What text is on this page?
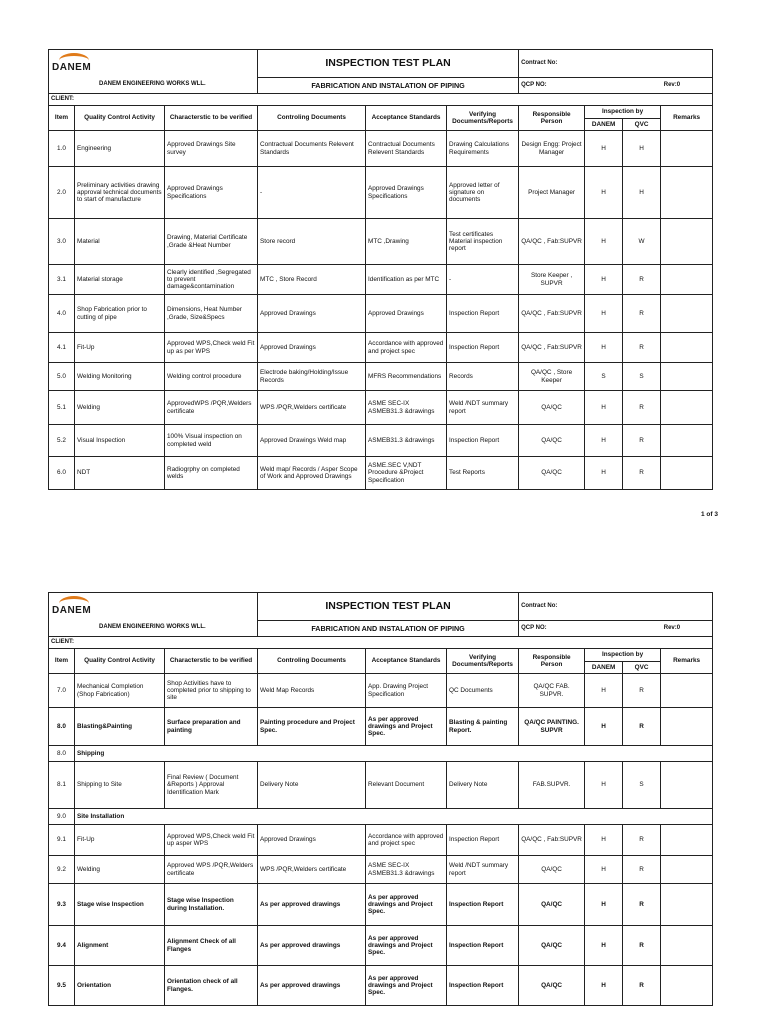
DANEM
DANEM ENGINEERING WORKS WLL.			INSPECTION TEST PLAN			Contract No:			
			FABRICATION AND INSTALATION OF PIPING			QCP NO: Rev:0			

CLIENT:									
Item	Quality Control Activity	Characterstic to be verified	Controling Documents	Acceptance Standards	Verifying Documents/Reports	Responsible Person	Inspection by		Remarks
							DANEM	QVC	
1.0	Engineering	Approved Drawings Site survey	Contractual Documents Relevent Standards	Contractual Documents Relevent Standards	Drawing Calculations Requirements	Design Engg: Project Manager	H	H	
2.0	Preliminary activities drawing approval technical documents to start of manufacture	Approved Drawings Specifications	-	Approved Drawings Specifications	Approved letter of signature on documents	Project Manager	H	H	
3.0	Material	Drawing, Material Certificate ,Grade &Heat Number	Store record	MTC ,Drawing	Test certificates Material inspection report	QA/QC , Fab:SUPVR	H	W	
3.1	Material storage	Clearly identified ,Segregated to prevent damage&contamination	MTC , Store Record	Identification as per MTC	-	Store Keeper , SUPVR	H	R	
4.0	Shop Fabrication prior to cutting of pipe	Dimensions, Heat Number ,Grade, Size&Specs	Approved Drawings	Approved Drawings	Inspection Report	QA/QC , Fab:SUPVR	H	R	
4.1	Fit-Up	Approved WPS,Check weld Fit up as per WPS	Approved Drawings	Accordance with approved and project spec	Inspection Report	QA/QC , Fab:SUPVR	H	R	
5.0	Welding Monitoring	Welding control procedure	Electrode baking/Holding/Issue Records	MFRS Recommendations	Records	QA/QC , Store Keeper	S	S	
5.1	Welding	ApprovedWPS /PQR,Welders certificate	WPS /PQR,Welders certificate	ASME SEC-IX ASMEB31.3 &drawings	Weld /NDT summary report	QA/QC	H	R	
5.2	Visual Inspection	100% Visual inspection on completed weld	Approved Drawings Weld map	ASMEB31.3 &drawings	Inspection Report	QA/QC	H	R	
6.0	NDT	Radiogrphy on completed welds	Weld map/ Records / Asper Scope of Work and Approved Drawings	ASME.SEC V,NDT Procedure &Project Specification	Test Reports	QA/QC	H	R	
1 of 3
DANEM
DANEM ENGINEERING WORKS WLL.			INSPECTION TEST PLAN			Contract No:			
			FABRICATION AND INSTALATION OF PIPING			QCP NO: Rev:0			

CLIENT:									
Item	Quality Control Activity	Characterstic to be verified	Controling Documents	Acceptance Standards	Verifying Documents/Reports	Responsible Person	Inspection by		Remarks
							DANEM	QVC	
7.0	Mechanical Completion (Shop Fabrication)	Shop Activities have to completed prior to shipping to site	Weld Map Records	App. Drawing Project Specification	QC Documents	QA/QC FAB. SUPVR.	H	R	
8.0	Blasting&Painting	Surface preparation and painting	Painting procedure and Project Spec.	As per approved drawings and Project Spec.	Blasting & painting Report.	QA/QC PAINTING. SUPVR	H	R	
8.0	Shipping								
8.1	Shipping to Site	Final Review ( Document &Reports ) Approval Identification Mark	Delivery Note	Relevant Document	Delivery Note	FAB.SUPVR.	H	S	
9.0	Site Installation								
9.1	Fit-Up	Approved WPS,Check weld Fit up asper WPS	Approved Drawings	Accordance with approved and project spec	Inspection Report	QA/QC , Fab:SUPVR	H	R	
9.2	Welding	Approved WPS /PQR,Welders certificate	WPS /PQR,Welders certificate	ASME SEC-IX ASMEB31.3 &drawings	Weld /NDT summary report	QA/QC	H	R	
9.3	Stage wise Inspection	Stage wise Inspection during Installation.	As per approved drawings	As per approved drawings and Project Spec.	Inspection Report	QA/QC	H	R	
9.4	Alignment	Alignment Check of all Flanges	As per approved drawings	As per approved drawings and Project Spec.	Inspection Report	QA/QC	H	R	
9.5	Orientation	Orientation check of all Flanges.	As per approved drawings	As per approved drawings and Project Spec.	Inspection Report	QA/QC	H	R	
